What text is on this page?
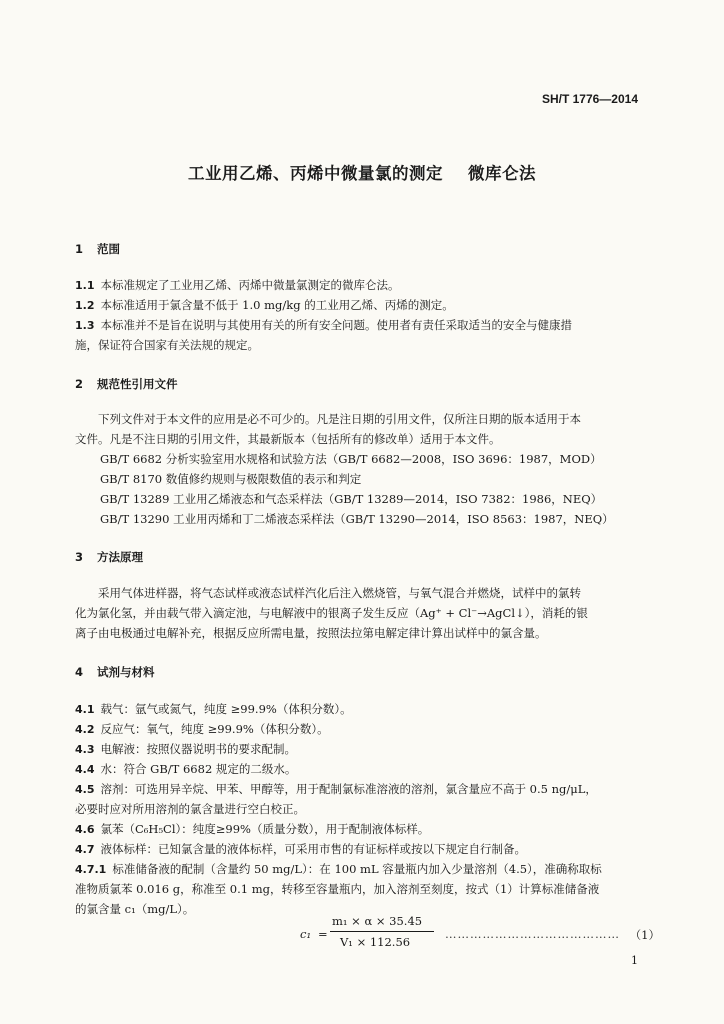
SH/T 1776—2014
工业用乙烯、丙烯中微量氯的测定    微库仑法
1 范围
1.1 本标准规定了工业用乙烯、丙烯中微量氯测定的微库仑法。
1.2 本标准适用于氯含量不低于 1.0 mg/kg 的工业用乙烯、丙烯的测定。
1.3 本标准并不是旨在说明与其使用有关的所有安全问题。使用者有责任采取适当的安全与健康措
施，保证符合国家有关法规的规定。
2 规范性引用文件
下列文件对于本文件的应用是必不可少的。凡是注日期的引用文件，仅所注日期的版本适用于本
文件。凡是不注日期的引用文件，其最新版本（包括所有的修改单）适用于本文件。
GB/T 6682 分析实验室用水规格和试验方法（GB/T 6682—2008，ISO 3696：1987，MOD）
GB/T 8170 数值修约规则与极限数值的表示和判定
GB/T 13289 工业用乙烯液态和气态采样法（GB/T 13289—2014，ISO 7382：1986，NEQ）
GB/T 13290 工业用丙烯和丁二烯液态采样法（GB/T 13290—2014，ISO 8563：1987，NEQ）
3 方法原理
采用气体进样器，将气态试样或液态试样汽化后注入燃烧管，与氧气混合并燃烧，试样中的氯转
化为氯化氢，并由载气带入滴定池，与电解液中的银离子发生反应（Ag⁺ + Cl⁻→AgCl↓），消耗的银
离子由电极通过电解补充，根据反应所需电量，按照法拉第电解定律计算出试样中的氯含量。
4 试剂与材料
4.1 载气：氩气或氮气，纯度 ≥99.9%（体积分数）。
4.2 反应气：氧气，纯度 ≥99.9%（体积分数）。
4.3 电解液：按照仪器说明书的要求配制。
4.4 水：符合 GB/T 6682 规定的二级水。
4.5 溶剂：可选用异辛烷、甲苯、甲醇等，用于配制氯标准溶液的溶剂，氯含量应不高于 0.5 ng/μL，
必要时应对所用溶剂的氯含量进行空白校正。
4.6 氯苯（C₆H₅Cl）：纯度≥99%（质量分数），用于配制液体标样。
4.7 液体标样：已知氯含量的液体标样，可采用市售的有证标样或按以下规定自行制备。
4.7.1 标准储备液的配制（含量约 50 mg/L）：在 100 mL 容量瓶内加入少量溶剂（4.5），准确称取标
准物质氯苯 0.016 g，称准至 0.1 mg，转移至容量瓶内，加入溶剂至刻度，按式（1）计算标准储备液
的氯含量 c₁（mg/L）。
c₁ =
m₁ × α × 35.45
V₁ × 112.56
…………………………………… （1）
1
